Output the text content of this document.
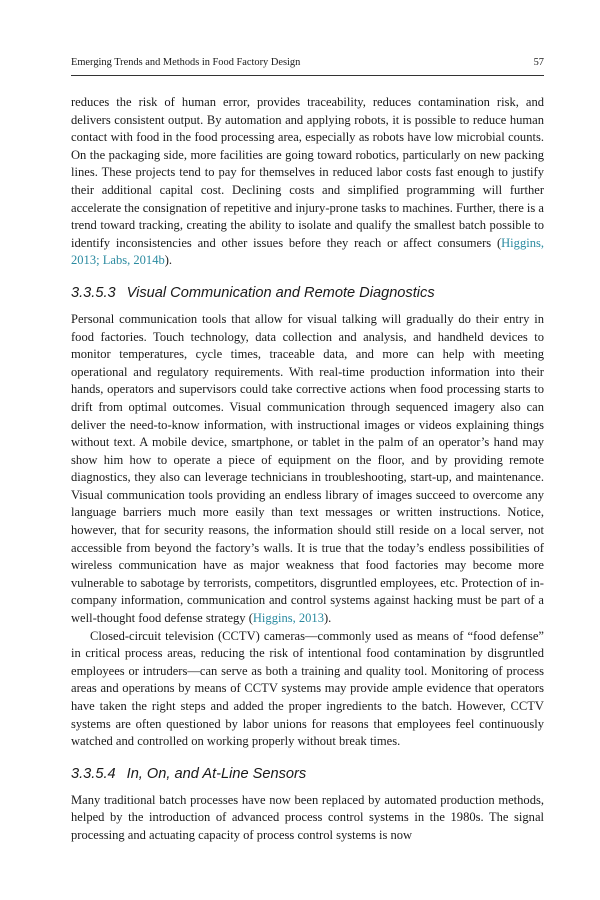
Emerging Trends and Methods in Food Factory Design	57

reduces the risk of human error, provides traceability, reduces contamination risk, and delivers consistent output. By automation and applying robots, it is possible to reduce human contact with food in the food processing area, especially as robots have low microbial counts. On the packaging side, more facilities are going toward robotics, particularly on new packing lines. These projects tend to pay for themselves in reduced labor costs fast enough to justify their additional capital cost. Declining costs and simplified programming will further accelerate the consignation of repetitive and injury-prone tasks to machines. Further, there is a trend toward tracking, creating the ability to isolate and qualify the smallest batch possible to identify inconsistencies and other issues before they reach or affect consumers (Higgins, 2013; Labs, 2014b).

3.3.5.3 Visual Communication and Remote Diagnostics

Personal communication tools that allow for visual talking will gradually do their entry in food factories. Touch technology, data collection and analysis, and handheld devices to monitor temperatures, cycle times, traceable data, and more can help with meeting operational and regulatory requirements. With real-time production information into their hands, operators and supervisors could take corrective actions when food processing starts to drift from optimal outcomes. Visual communication through sequenced imagery also can deliver the need-to-know information, with instructional images or videos explaining things without text. A mobile device, smartphone, or tablet in the palm of an operator’s hand may show him how to operate a piece of equipment on the floor, and by providing remote diagnostics, they also can leverage technicians in troubleshooting, start-up, and maintenance. Visual communication tools providing an endless library of images succeed to overcome any language barriers much more easily than text messages or written instructions. Notice, however, that for security reasons, the information should still reside on a local server, not accessible from beyond the factory’s walls. It is true that the today’s endless possibilities of wireless communication have as major weakness that food factories may become more vulnerable to sabotage by terrorists, competitors, disgruntled employees, etc. Protection of in-company information, communication and control systems against hacking must be part of a well-thought food defense strategy (Higgins, 2013).

Closed-circuit television (CCTV) cameras—commonly used as means of “food defense” in critical process areas, reducing the risk of intentional food contamination by disgruntled employees or intruders—can serve as both a training and quality tool. Monitoring of process areas and operations by means of CCTV systems may provide ample evidence that operators have taken the right steps and added the proper ingredients to the batch. However, CCTV systems are often questioned by labor unions for reasons that employees feel continuously watched and controlled on working properly without break times.

3.3.5.4 In, On, and At-Line Sensors

Many traditional batch processes have now been replaced by automated production methods, helped by the introduction of advanced process control systems in the 1980s. The signal processing and actuating capacity of process control systems is now
